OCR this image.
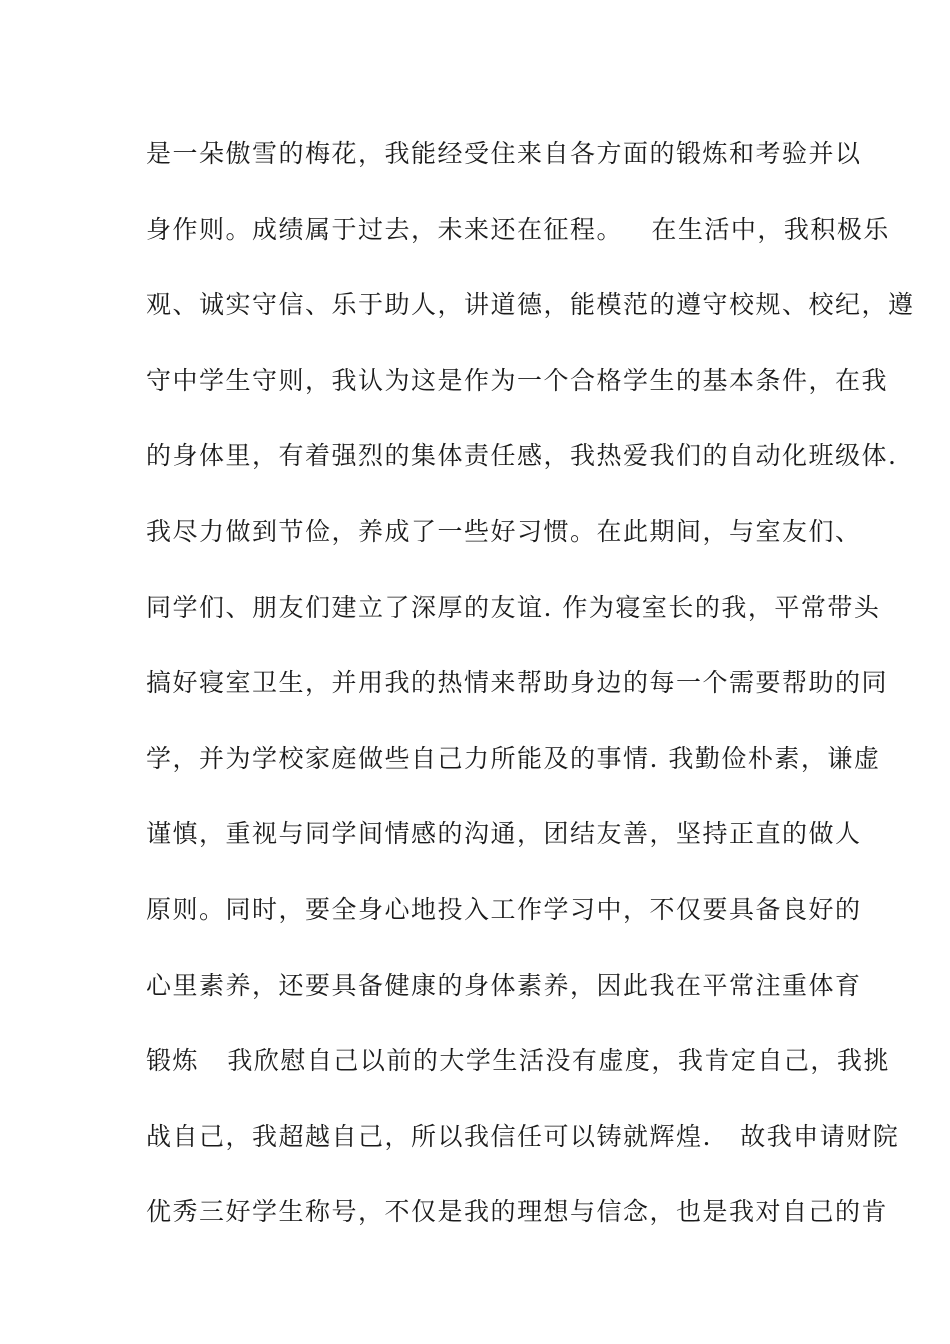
是一朵傲雪的梅花，我能经受住来自各方面的锻炼和考验并以
身作则。成绩属于过去，未来还在征程。   在生活中，我积极乐
观、诚实守信、乐于助人，讲道德，能模范的遵守校规、校纪，遵
守中学生守则，我认为这是作为一个合格学生的基本条件，在我
的身体里，有着强烈的集体责任感，我热爱我们的自动化班级体.
我尽力做到节俭，养成了一些好习惯。在此期间，与室友们、
同学们、朋友们建立了深厚的友谊. 作为寝室长的我，平常带头
搞好寝室卫生，并用我的热情来帮助身边的每一个需要帮助的同
学，并为学校家庭做些自己力所能及的事情. 我勤俭朴素，谦虚
谨慎，重视与同学间情感的沟通，团结友善，坚持正直的做人
原则。同时，要全身心地投入工作学习中，不仅要具备良好的
心里素养，还要具备健康的身体素养，因此我在平常注重体育
锻炼   我欣慰自己以前的大学生活没有虚度，我肯定自己，我挑
战自己，我超越自己，所以我信任可以铸就辉煌.   故我申请财院
优秀三好学生称号，不仅是我的理想与信念，也是我对自己的肯
